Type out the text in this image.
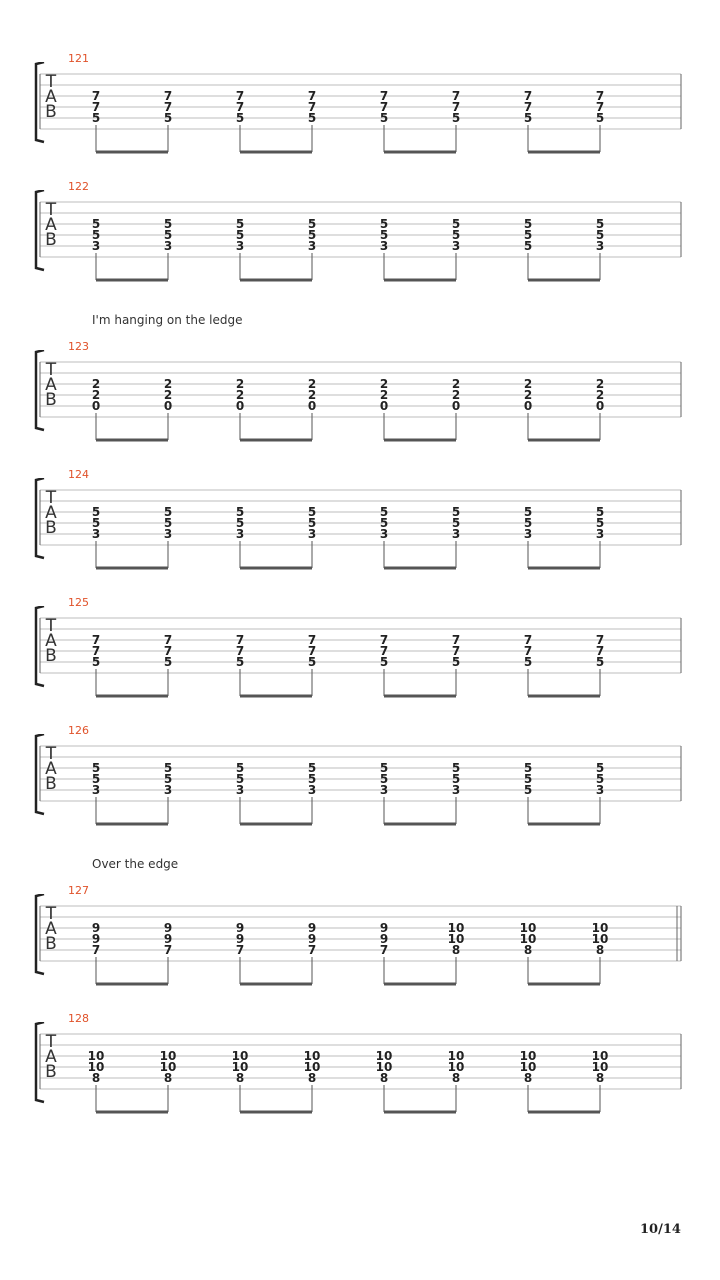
121
T
A
B
7
7
5
7
7
5
7
7
5
7
7
5
7
7
5
7
7
5
7
7
5
7
7
5
122
T
A
B
5
5
3
5
5
3
5
5
3
5
5
3
5
5
3
5
5
3
5
5
5
5
5
3
I'm hanging on the ledge
123
T
A
B
2
2
0
2
2
0
2
2
0
2
2
0
2
2
0
2
2
0
2
2
0
2
2
0
124
T
A
B
5
5
3
5
5
3
5
5
3
5
5
3
5
5
3
5
5
3
5
5
3
5
5
3
125
T
A
B
7
7
5
7
7
5
7
7
5
7
7
5
7
7
5
7
7
5
7
7
5
7
7
5
126
T
A
B
5
5
3
5
5
3
5
5
3
5
5
3
5
5
3
5
5
3
5
5
5
5
5
3
Over the edge
127
T
A
B
9
9
7
9
9
7
9
9
7
9
9
7
9
9
7
10
10
8
10
10
8
10
10
8
128
T
A
B
10
10
8
10
10
8
10
10
8
10
10
8
10
10
8
10
10
8
10
10
8
10
10
8
10/14
